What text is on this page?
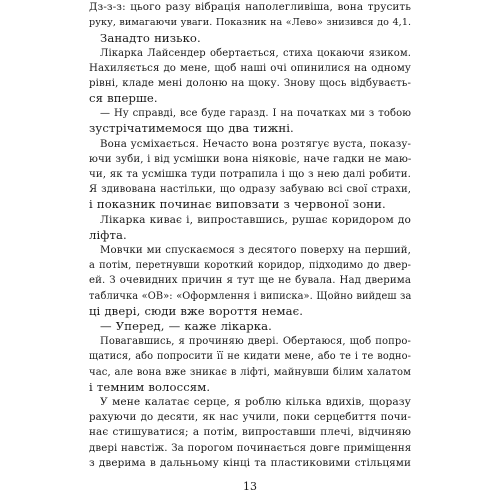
Дз-з-з: цього разу вібрація наполегливіша, вона трусить
руку, вимагаючи уваги. Показник на «Лево» знизився до 4,1.
Занадто низько.
Лікарка Лайсендер обертається, стиха цокаючи язиком.
Нахиляється до мене, щоб наші очі опинилися на одному
рівні, кладе мені долоню на щоку. Знову щось відбуваєть-
ся вперше.
— Ну справді, все буде гаразд. І на початках ми з тобою
зустрічатимемося що два тижні.
Вона усміхається. Нечасто вона розтягує вуста, показу-
ючи зуби, і від усмішки вона ніяковіє, наче гадки не маю-
чи, як та усмішка туди потрапила і що з нею далі робити.
Я здивована настільки, що одразу забуваю всі свої страхи,
і показник починає виповзати з червоної зони.
Лікарка киває і, випроставшись, рушає коридором до
ліфта.
Мовчки ми спускаємося з десятого поверху на перший,
а потім, перетнувши короткий коридор, підходимо до двер-
ей. З очевидних причин я тут ще не бувала. Над дверима
табличка «ОВ»: «Оформлення і виписка». Щойно вийдеш за
ці двері, сюди вже вороття немає.
— Уперед, — каже лікарка.
Повагавшись, я прочиняю двері. Обертаюся, щоб попро-
щатися, або попросити її не кидати мене, або те і те водно-
час, але вона вже зникає в ліфті, майнувши білим халатом
і темним волоссям.
У мене калатає серце, я роблю кілька вдихів, щоразу
рахуючи до десяти, як нас учили, поки серцебиття почи-
нає стишуватися; а потім, випроставши плечі, відчиняю
двері навстіж. За порогом починається довге приміщення
з дверима в дальньому кінці та пластиковими стільцями
13
